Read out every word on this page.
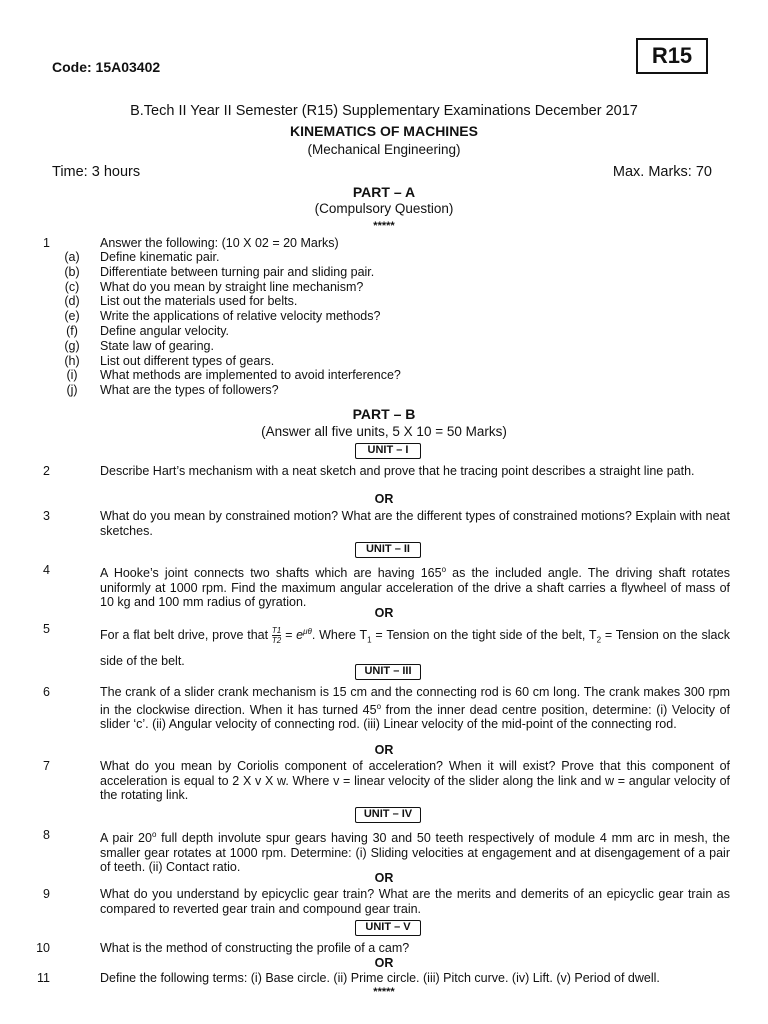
Code: 15A03402	R15
B.Tech II Year II Semester (R15) Supplementary Examinations December 2017
KINEMATICS OF MACHINES
(Mechanical Engineering)
Time: 3 hours	Max. Marks: 70
PART – A
(Compulsory Question)
*****
1	Answer the following: (10 X 02 = 20 Marks)
(a)	Define kinematic pair.
(b)	Differentiate between turning pair and sliding pair.
(c)	What do you mean by straight line mechanism?
(d)	List out the materials used for belts.
(e)	Write the applications of relative velocity methods?
(f)	Define angular velocity.
(g)	State law of gearing.
(h)	List out different types of gears.
(i)	What methods are implemented to avoid interference?
(j)	What are the types of followers?
PART – B
(Answer all five units, 5 X 10 = 50 Marks)
UNIT – I
2	Describe Hart’s mechanism with a neat sketch and prove that he tracing point describes a straight line path.
OR
3	What do you mean by constrained motion? What are the different types of constrained motions? Explain with neat sketches.
UNIT – II
4	A Hooke’s joint connects two shafts which are having 165$^o$ as the included angle. The driving shaft rotates uniformly at 1000 rpm. Find the maximum angular acceleration of the drive a shaft carries a flywheel of mass of 10 kg and 100 mm radius of gyration.
OR
5	For a flat belt drive, prove that $\frac{T1}{T2} = e^{\mu\theta}$. Where $T_1$ = Tension on the tight side of the belt, $T_2$ = Tension on the slack side of the belt.
UNIT – III
6	The crank of a slider crank mechanism is 15 cm and the connecting rod is 60 cm long. The crank makes 300 rpm in the clockwise direction. When it has turned 45$^o$ from the inner dead centre position, determine: (i) Velocity of slider ‘c’. (ii) Angular velocity of connecting rod. (iii) Linear velocity of the mid-point of the connecting rod.
OR
7	What do you mean by Coriolis component of acceleration? When it will exist? Prove that this component of acceleration is equal to 2 X v X w. Where v = linear velocity of the slider along the link and w = angular velocity of the rotating link.
UNIT – IV
8	A pair 20$^o$ full depth involute spur gears having 30 and 50 teeth respectively of module 4 mm arc in mesh, the smaller gear rotates at 1000 rpm. Determine: (i) Sliding velocities at engagement and at disengagement of a pair of teeth. (ii) Contact ratio.
OR
9	What do you understand by epicyclic gear train? What are the merits and demerits of an epicyclic gear train as compared to reverted gear train and compound gear train.
UNIT – V
10	What is the method of constructing the profile of a cam?
OR
11	Define the following terms: (i) Base circle. (ii) Prime circle. (iii) Pitch curve. (iv) Lift. (v) Period of dwell.
*****
